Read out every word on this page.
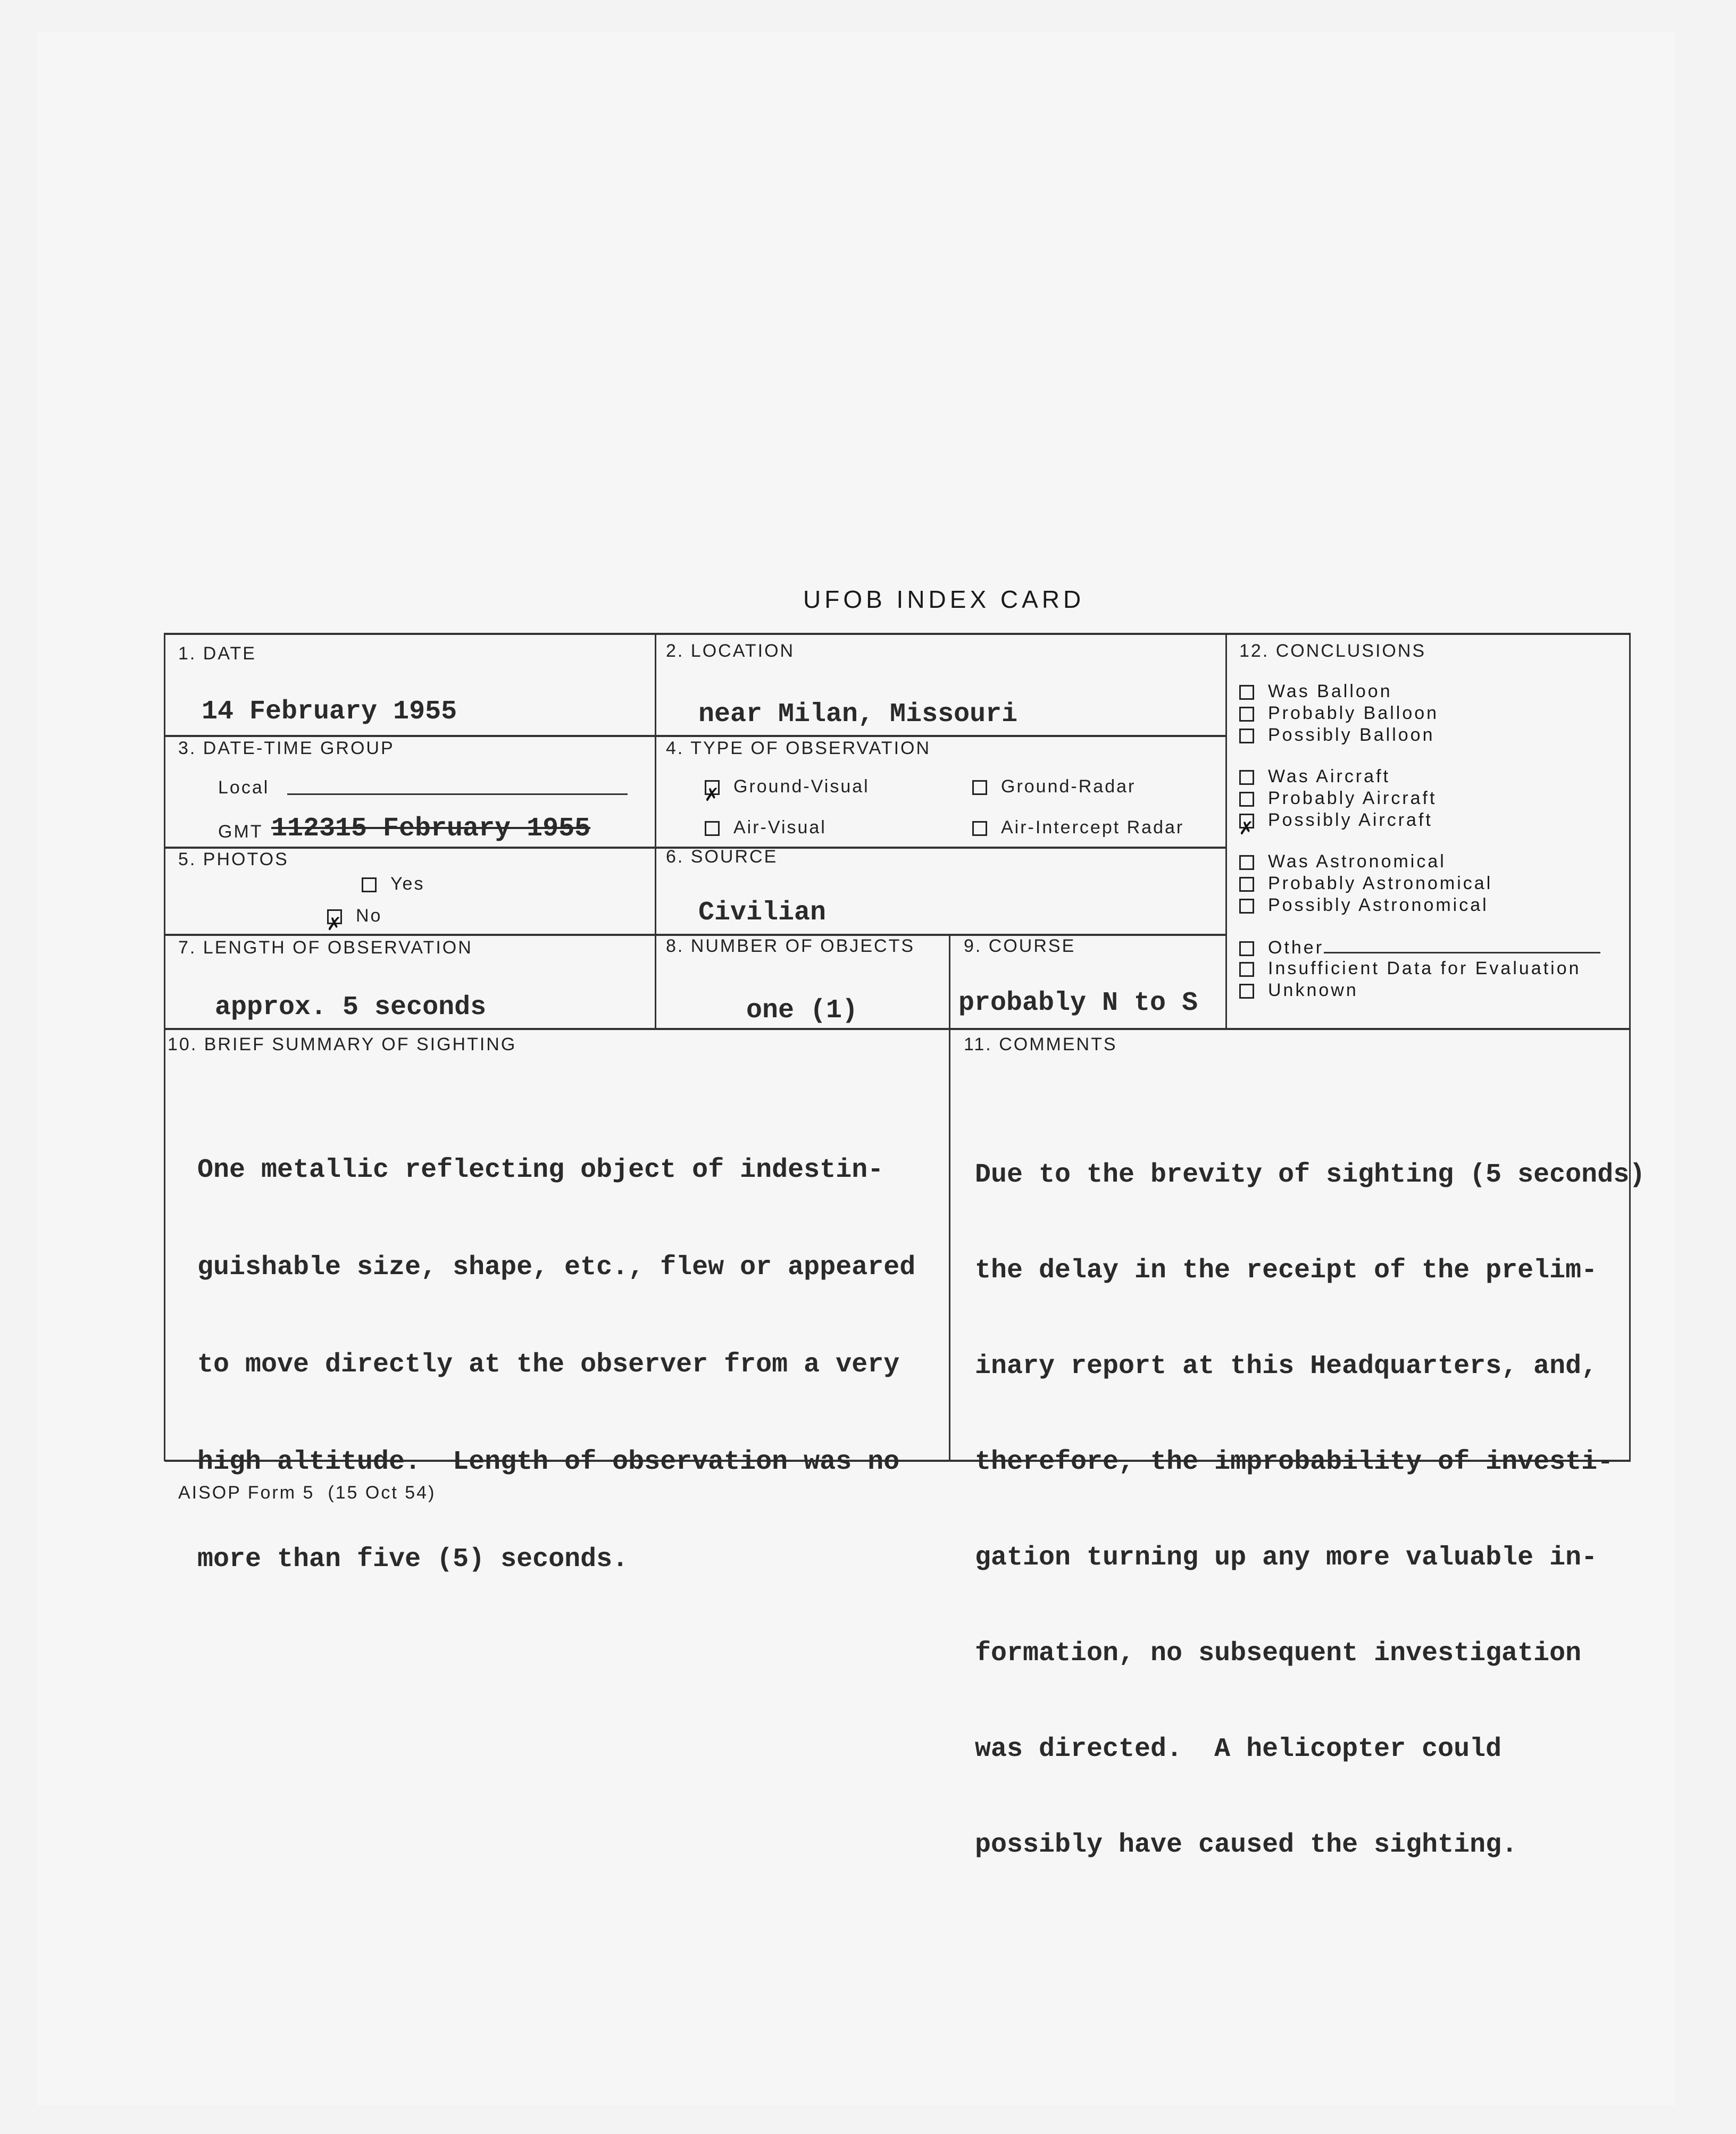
UFOB INDEX CARD
1. DATE
14 February 1955
2. LOCATION
near Milan, Missouri
3. DATE-TIME GROUP
Local
GMT 112315 February 1955
4. TYPE OF OBSERVATION
✗Ground-Visual	Ground-Radar
Air-Visual	Air-Intercept Radar
5. PHOTOS
Yes
✗No
6. SOURCE
Civilian
7. LENGTH OF OBSERVATION
approx. 5 seconds
8. NUMBER OF OBJECTS
one (1)
9. COURSE
probably N to S
12. CONCLUSIONS
Was Balloon
Probably Balloon
Possibly Balloon
Was Aircraft
Probably Aircraft
✗Possibly Aircraft
Was Astronomical
Probably Astronomical
Possibly Astronomical
Other
Insufficient Data for Evaluation
Unknown
10. BRIEF SUMMARY OF SIGHTING

One metallic reflecting object of indestin-

guishable size, shape, etc., flew or appeared

to move directly at the observer from a very

high altitude.  Length of observation was no

more than five (5) seconds.

11. COMMENTS

Due to the brevity of sighting (5 seconds)

the delay in the receipt of the prelim-

inary report at this Headquarters, and,

therefore, the improbability of investi-

gation turning up any more valuable in-

formation, no subsequent investigation

was directed.  A helicopter could

possibly have caused the sighting.

AISOP Form 5  (15 Oct 54)
